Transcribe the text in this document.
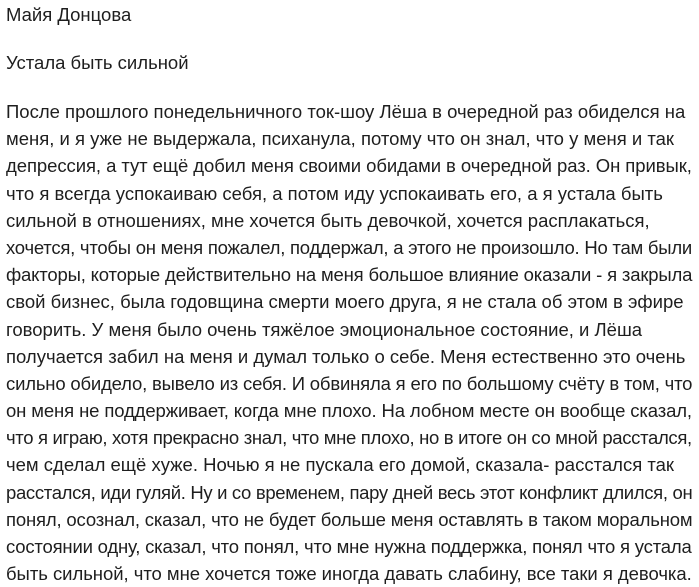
Майя Донцова
Устала быть сильной
После прошлого понедельничного ток-шоу Лёша в очередной раз обиделся на
меня, и я уже не выдержала, психанула, потому что он знал, что у меня и так
депрессия, а тут ещё добил меня своими обидами в очередной раз. Он привык,
что я всегда успокаиваю себя, а потом иду успокаивать его, а я устала быть
сильной в отношениях, мне хочется быть девочкой, хочется расплакаться,
хочется, чтобы он меня пожалел, поддержал, а этого не произошло. Но там были
факторы, которые действительно на меня большое влияние оказали - я закрыла
свой бизнес, была годовщина смерти моего друга, я не стала об этом в эфире
говорить. У меня было очень тяжёлое эмоциональное состояние, и Лёша
получается забил на меня и думал только о себе. Меня естественно это очень
сильно обидело, вывело из себя. И обвиняла я его по большому счёту в том, что
он меня не поддерживает, когда мне плохо. На лобном месте он вообще сказал,
что я играю, хотя прекрасно знал, что мне плохо, но в итоге он со мной расстался,
чем сделал ещё хуже. Ночью я не пускала его домой, сказала- расстался так
расстался, иди гуляй. Ну и со временем, пару дней весь этот конфликт длился, он
понял, осознал, сказал, что не будет больше меня оставлять в таком моральном
состоянии одну, сказал, что понял, что мне нужна поддержка, понял что я устала
быть сильной, что мне хочется тоже иногда давать слабину, все таки я девочка.
